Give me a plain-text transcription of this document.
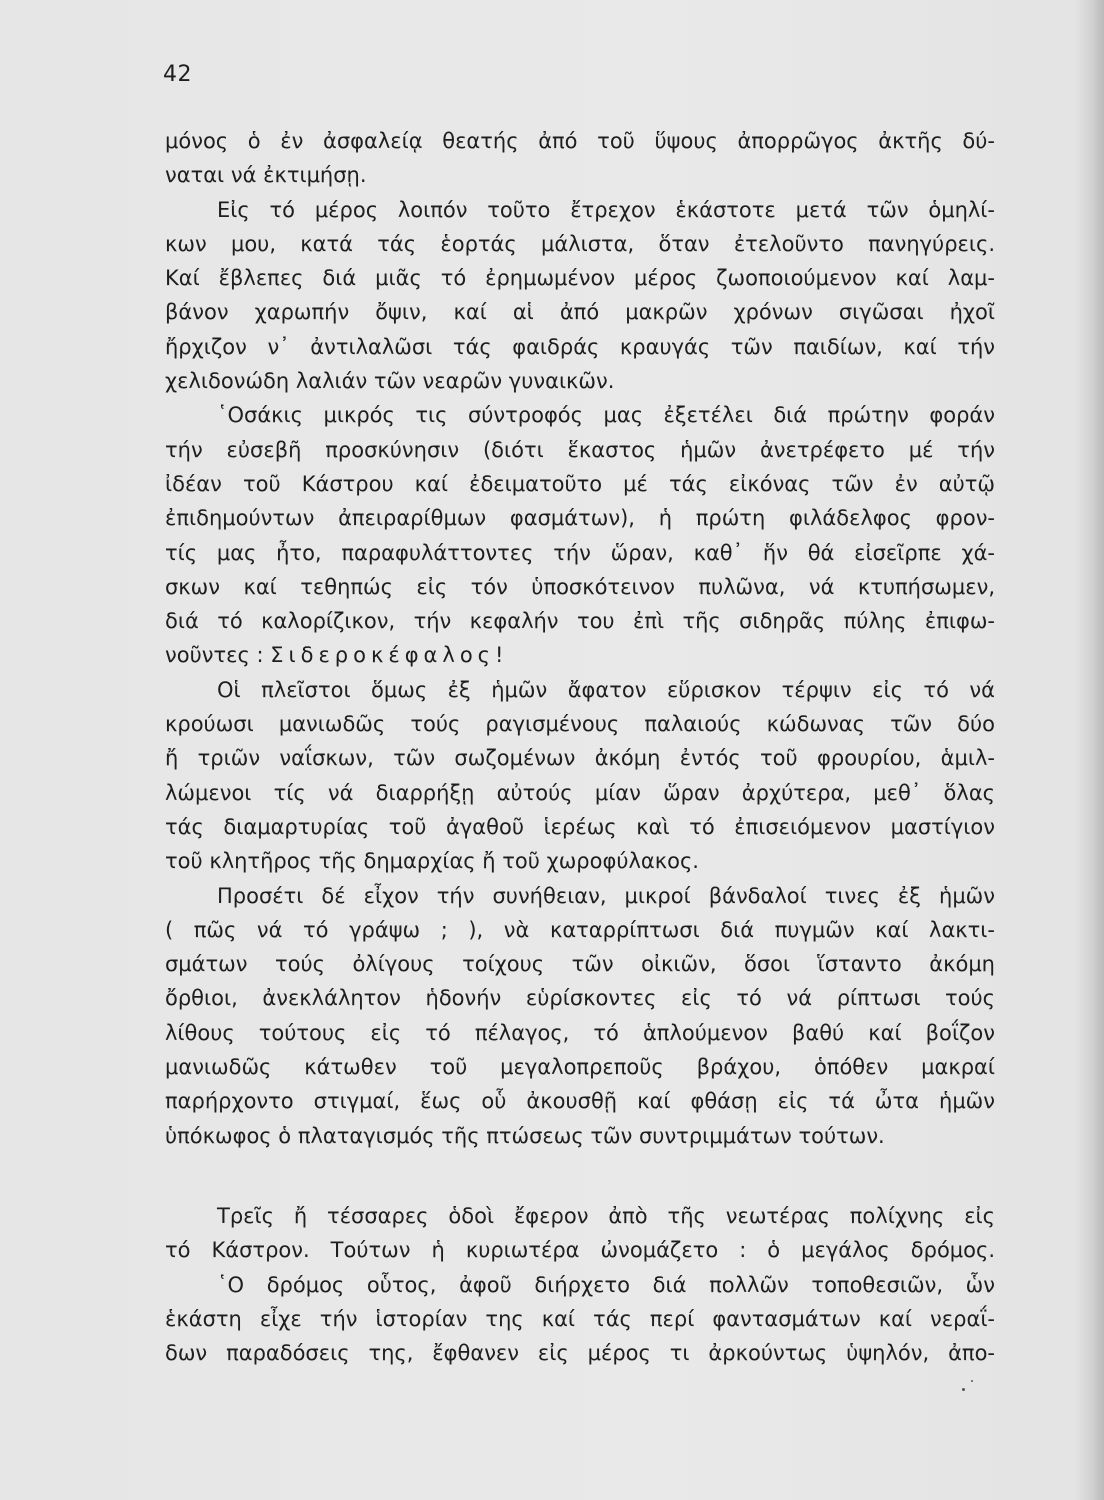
42
μόνος ὁ ἐν ἀσφαλείᾳ θεατής ἀπό τοῦ ὕψους ἀπορρῶγος ἀκτῆς δύ-
ναται νά ἐκτιμήσῃ.
Εἰς τό μέρος λοιπόν τοῦτο ἔτρεχον ἑκάστοτε μετά τῶν ὁμηλί-
κων μου, κατά τάς ἑορτάς μάλιστα, ὅταν ἐτελοῦντο πανηγύρεις.
Καί ἔβλεπες διά μιᾶς τό ἐρημωμένον μέρος ζωοποιούμενον καί λαμ-
βάνον χαρωπήν ὄψιν, καί αἱ ἀπό μακρῶν χρόνων σιγῶσαι ἠχοῖ
ἤρχιζον ν᾽ ἀντιλαλῶσι τάς φαιδράς κραυγάς τῶν παιδίων, καί τήν
χελιδονώδη λαλιάν τῶν νεαρῶν γυναικῶν.
῾Οσάκις μικρός τις σύντροφός μας ἐξετέλει διά πρώτην φοράν
τήν εὐσεβῆ προσκύνησιν (διότι ἕκαστος ἡμῶν ἀνετρέφετο μέ τήν
ἰδέαν τοῦ Κάστρου καί ἐδειματοῦτο μέ τάς εἰκόνας τῶν ἐν αὐτῷ
ἐπιδημούντων ἀπειραρίθμων φασμάτων), ἡ πρώτη φιλάδελφος φρον-
τίς μας ἦτο, παραφυλάττοντες τήν ὥραν, καθ᾽ ἥν θά εἰσεῖρπε χά-
σκων καί τεθηπώς εἰς τόν ὑποσκότεινον πυλῶνα, νά κτυπήσωμεν,
διά τό καλορίζικον, τήν κεφαλήν του ἐπὶ τῆς σιδηρᾶς πύλης ἐπιφω-
νοῦντες : Σιδεροκέφαλος!
Οἱ πλεῖστοι ὅμως ἐξ ἡμῶν ἄφατον εὕρισκον τέρψιν εἰς τό νά
κρούωσι μανιωδῶς τούς ραγισμένους παλαιούς κώδωνας τῶν δύο
ἤ τριῶν ναΐσκων, τῶν σωζομένων ἀκόμη ἐντός τοῦ φρουρίου, ἁμιλ-
λώμενοι τίς νά διαρρήξῃ αὐτούς μίαν ὥραν ἀρχύτερα, μεθ᾽ ὅλας
τάς διαμαρτυρίας τοῦ ἀγαθοῦ ἱερέως καὶ τό ἐπισειόμενον μαστίγιον
τοῦ κλητῆρος τῆς δημαρχίας ἤ τοῦ χωροφύλακος.
Προσέτι δέ εἶχον τήν συνήθειαν, μικροί βάνδαλοί τινες ἐξ ἡμῶν
( πῶς νά τό γράψω ; ), νὰ καταρρίπτωσι διά πυγμῶν καί λακτι-
σμάτων τούς ὀλίγους τοίχους τῶν οἰκιῶν, ὅσοι ἵσταντο ἀκόμη
ὄρθιοι, ἀνεκλάλητον ἡδονήν εὑρίσκοντες εἰς τό νά ρίπτωσι τούς
λίθους τούτους εἰς τό πέλαγος, τό ἁπλούμενον βαθύ καί βοΐζον
μανιωδῶς κάτωθεν τοῦ μεγαλοπρεποῦς βράχου, ὁπόθεν μακραί
παρήρχοντο στιγμαί, ἕως οὗ ἀκουσθῇ καί φθάσῃ εἰς τά ὦτα ἡμῶν
ὑπόκωφος ὁ πλαταγισμός τῆς πτώσεως τῶν συντριμμάτων τούτων.
Τρεῖς ἤ τέσσαρες ὁδοὶ ἔφερον ἀπὸ τῆς νεωτέρας πολίχνης εἰς
τό Κάστρον. Τούτων ἡ κυριωτέρα ὠνομάζετο : ὁ μεγάλος δρόμος.
῾Ο δρόμος οὗτος, ἀφοῦ διήρχετο διά πολλῶν τοποθεσιῶν, ὧν
ἑκάστη εἶχε τήν ἱστορίαν της καί τάς περί φαντασμάτων καί νεραΐ-
δων παραδόσεις της, ἔφθανεν εἰς μέρος τι ἀρκούντως ὑψηλόν, ἀπο-
